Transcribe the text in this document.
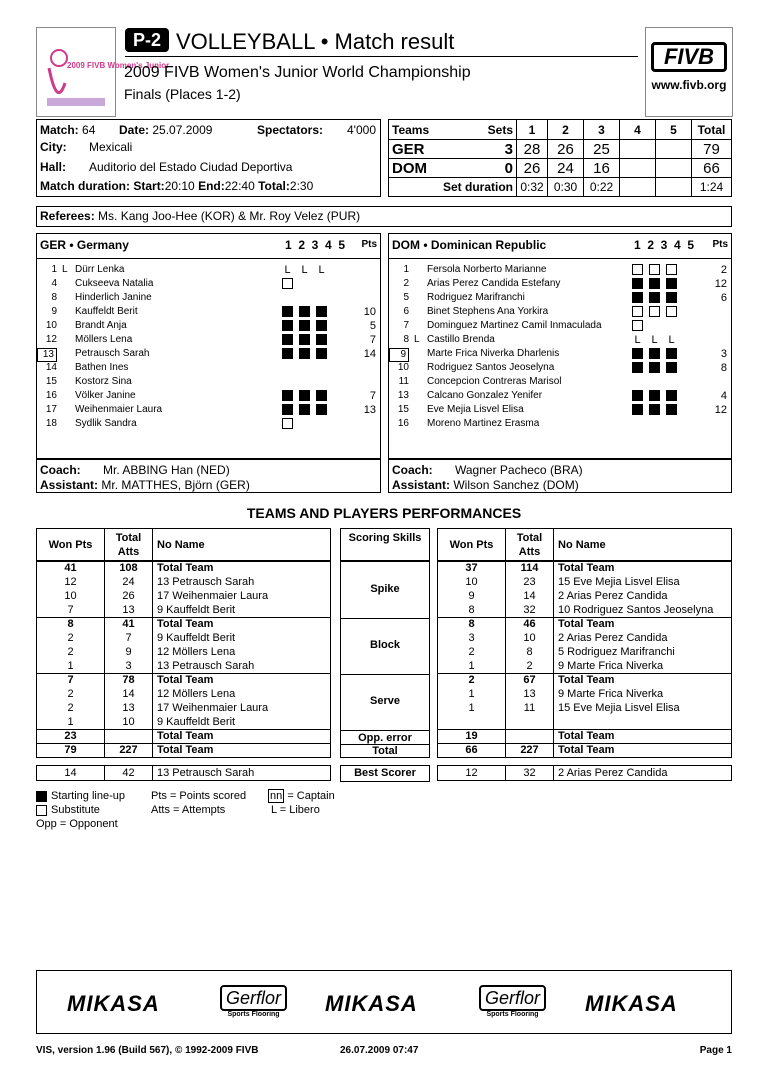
2009 FIVB Women's Junior
P-2 VOLLEYBALL • Match result
2009 FIVB Women's Junior World Championship
Finals (Places 1-2)
FIVB
www.fivb.org
Match: 64 Date: 25.07.2009	Spectators: 4'000
City: Mexicali
Hall: Auditorio del Estado Ciudad Deportiva
Match duration: Start:20:10 End:22:40 Total:2:30
Teams	Sets	1	2	3	4	5	Total
GER	3	28	26	25			79
DOM	0	26	24	16			66
Set duration		0:32	0:30	0:22			1:24
Referees: Ms. Kang Joo-Hee (KOR) & Mr. Roy Velez (PUR)
GER • Germany	1  2  3  4  5 Pts
1 L Dürr Lenka	L L L
4 Cukseeva Natalia
8 Hinderlich Janine
9 Kauffeldt Berit	10
10 Brandt Anja	5
12 Möllers Lena	7
13	Petrausch Sarah	14
14 Bathen Ines
15 Kostorz Sina
16 Völker Janine	7
17 Weihenmaier Laura	13
18 Sydlik Sandra
Coach: Mr. ABBING Han (NED)
Assistant: Mr. MATTHES, Björn (GER)
DOM • Dominican Republic	1  2  3  4  5 Pts
1 Fersola Norberto Marianne	2
2 Arias Perez Candida Estefany	12
5 Rodriguez Marifranchi	6
6 Binet Stephens Ana Yorkira
7 Dominguez Martinez Camil Inmaculada
8 L Castillo Brenda	L L L
9	Marte Frica Niverka Dharlenis	3
10 Rodriguez Santos Jeoselyna	8
11 Concepcion Contreras Marisol
13 Calcano Gonzalez Yenifer	4
15 Eve Mejia Lisvel Elisa	12
16 Moreno Martinez Erasma
Coach: Wagner Pacheco (BRA)
Assistant: Wilson Sanchez (DOM)
TEAMS AND PLAYERS PERFORMANCES
Won Pts	Total Atts	No Name
Scoring Skills
Won Pts	Total Atts	No Name
41	108	Total Team
12	24	13 Petrausch Sarah
10	26	17 Weihenmaier Laura
7	13	9 Kauffeldt Berit
8	41	Total Team
2	7	9 Kauffeldt Berit
2	9	12 Möllers Lena
1	3	13 Petrausch Sarah
7	78	Total Team
2	14	12 Möllers Lena
2	13	17 Weihenmaier Laura
1	10	9 Kauffeldt Berit
23		Total Team
79	227	Total Team
37	114	Total Team
10	23	15 Eve Mejia Lisvel Elisa
9	14	2 Arias Perez Candida
8	32	10 Rodriguez Santos Jeoselyna
8	46	Total Team
3	10	2 Arias Perez Candida
2	8	5 Rodriguez Marifranchi
1	2	9 Marte Frica Niverka
2	67	Total Team
1	13	9 Marte Frica Niverka
1	11	15 Eve Mejia Lisvel Elisa

19		Total Team
66	227	Total Team
Spike
Block
Serve
Opp. error
Total
14	42	13 Petrausch Sarah	Best Scorer	12	32	2 Arias Perez Candida
Starting line-up
Substitute
Opp = Opponent
Pts = Points scored
Atts = Attempts
nn = Captain
L = Libero
MIKASA	Gerflor
Sports Flooring	MIKASA	Gerflor
Sports Flooring	MIKASA
VIS, version 1.96 (Build 567), © 1992-2009 FIVB	26.07.2009 07:47	Page 1
